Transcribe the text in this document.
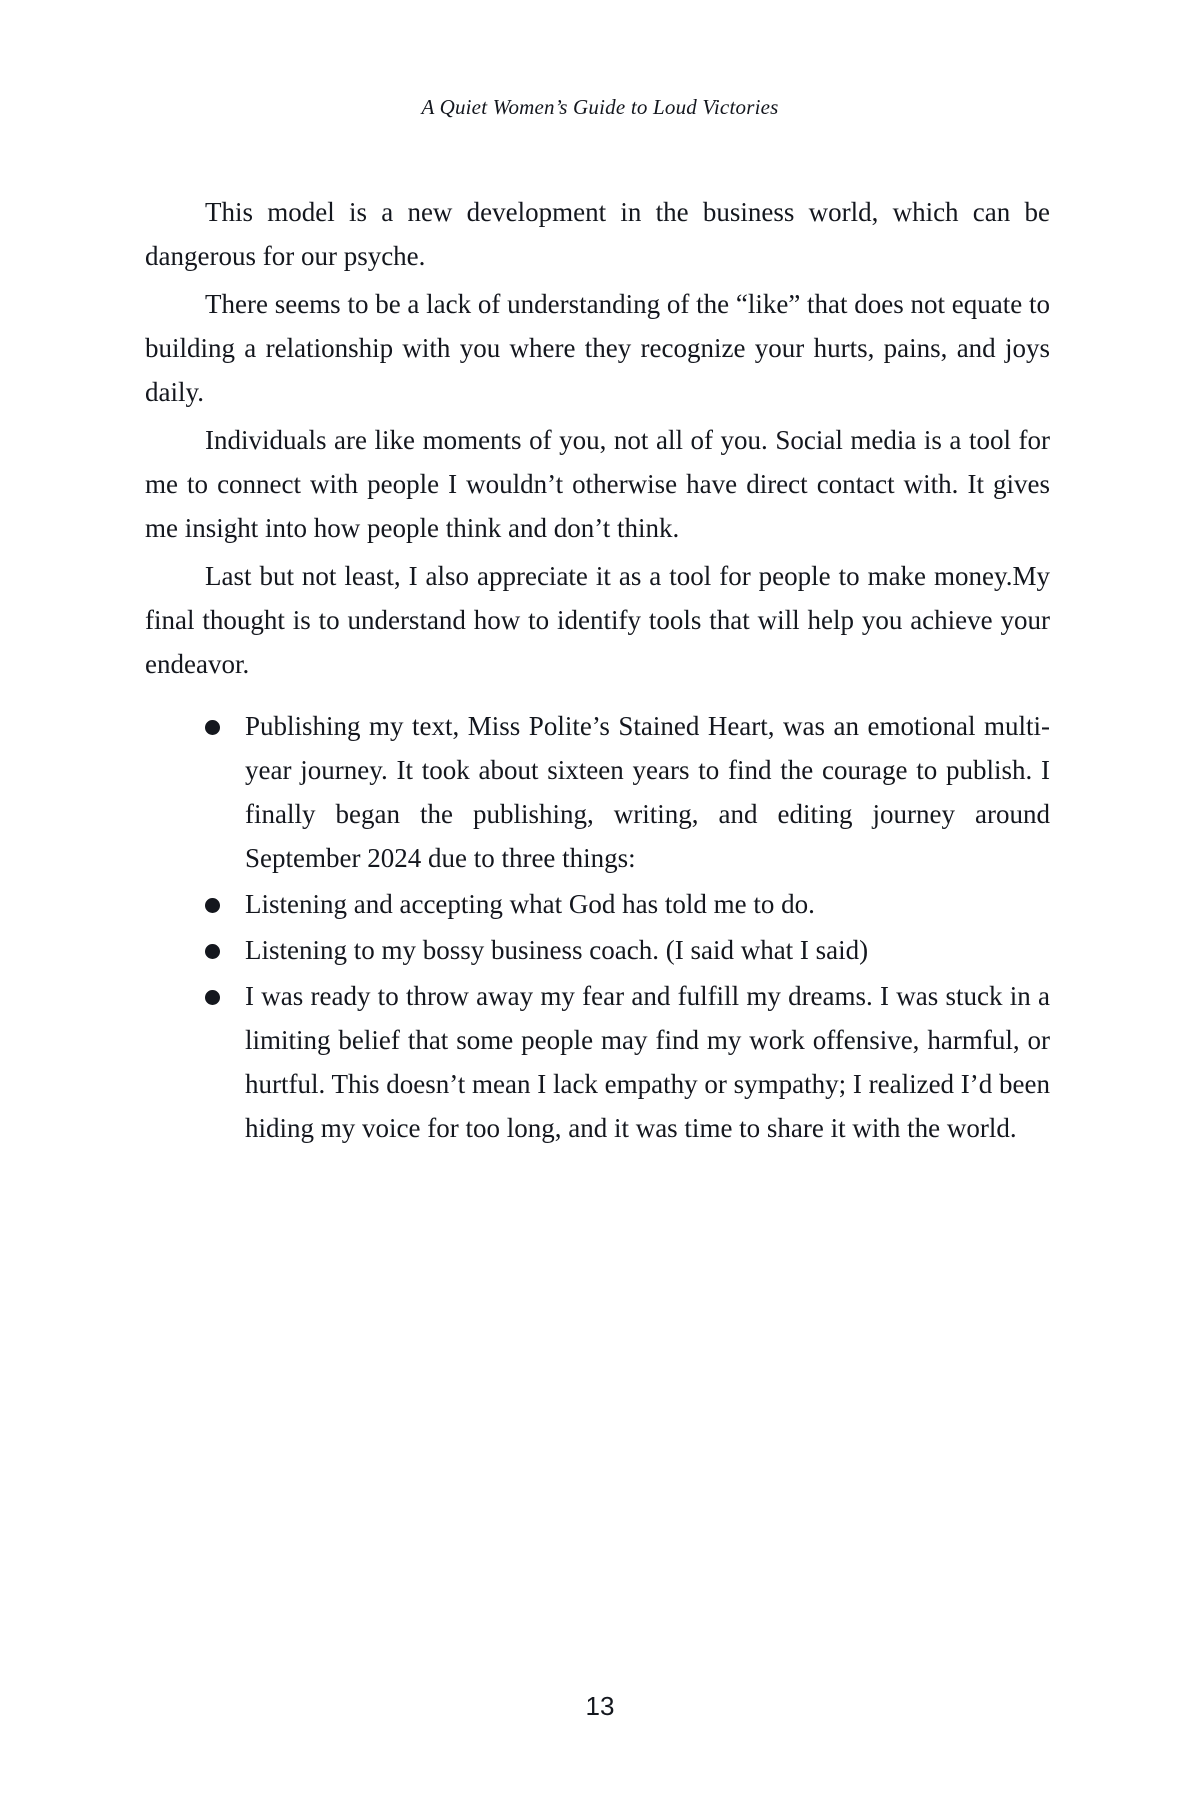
A Quiet Women’s Guide to Loud Victories

This model is a new development in the business world, which can be dangerous for our psyche.

There seems to be a lack of understanding of the “like” that does not equate to building a relationship with you where they recognize your hurts, pains, and joys daily.

Individuals are like moments of you, not all of you. Social media is a tool for me to connect with people I wouldn’t otherwise have direct contact with. It gives me insight into how people think and don’t think.

Last but not least, I also appreciate it as a tool for people to make money.My final thought is to understand how to identify tools that will help you achieve your endeavor.

Publishing my text, Miss Polite’s Stained Heart, was an emotional multi-year journey. It took about sixteen years to find the courage to publish. I finally began the publishing, writing, and editing journey around September 2024 due to three things:
Listening and accepting what God has told me to do.
Listening to my bossy business coach. (I said what I said)
I was ready to throw away my fear and fulfill my dreams. I was stuck in a limiting belief that some people may find my work offensive, harmful, or hurtful. This doesn’t mean I lack empathy or sympathy; I realized I’d been hiding my voice for too long, and it was time to share it with the world.
13
